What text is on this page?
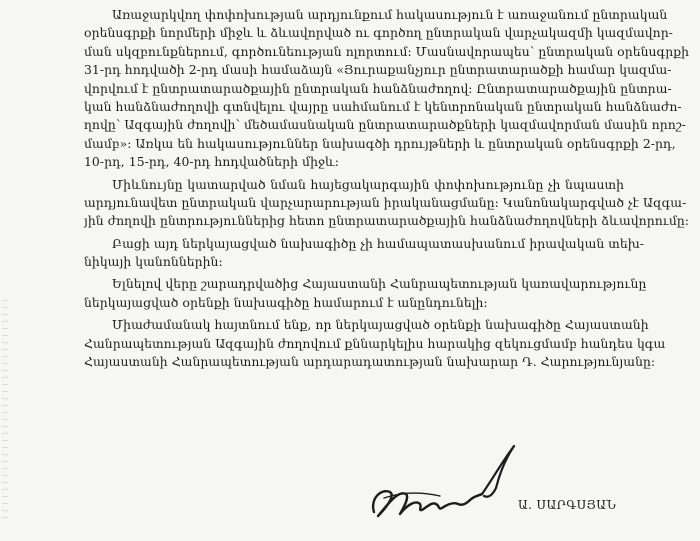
Առաջարկվող փոփոխության արդյունքում հակասություն է առաջանում ընտրական
օրենսգրքի նորմերի միջև և ձևավորված ու գործող ընտրական վարչակազմի կազմավոր-
ման սկզբունքներում, գործունեության ոլորտում: Մասնավորապես՝ ընտրական օրենսգրքի
31-րդ հոդվածի 2-րդ մասի համաձայն «Յուրաքանչյուր ընտրատարածքի համար կազմա-
վորվում է ընտրատարածքային ընտրական հանձնաժողով: Ընտրատարածքային ընտրա-
կան հանձնաժողովի գտնվելու վայրը սահմանում է կենտրոնական ընտրական հանձնաժո-
ղովը՝ Ազգային ժողովի՝ մեծամասնական ընտրատարածքների կազմավորման մասին որոշ-
մամբ»: Առկա են հակասություններ նախագծի դրույթների և ընտրական օրենսգրքի 2-րդ,
10-րդ, 15-րդ, 40-րդ հոդվածների միջև:
Միևնույնը կատարված նման հայեցակարգային փոփոխությունը չի նպաստի
արդյունավետ ընտրական վարչարարության իրականացմանը: Կանոնակարգված չէ Ազգա-
յին ժողովի ընտրություններից հետո ընտրատարածքային հանձնաժողովների ձևավորումը:
Բացի այդ ներկայացված նախագիծը չի համապատասխանում իրավական տեխ-
նիկայի կանոններին:
Ելնելով վերը շարադրվածից Հայաստանի Հանրապետության կառավարությունը
ներկայացված օրենքի նախագիծը համարում է անընդունելի:
Միաժամանակ հայտնում ենք, որ ներկայացված օրենքի նախագիծը Հայաստանի
Հանրապետության Ազգային ժողովում քննարկելիս հարակից զեկուցմամբ հանդես կգա
Հայաստանի Հանրապետության արդարադատության նախարար Դ. Հարությունյանը:
Ա. ՍԱՐԳՍՅԱՆ
